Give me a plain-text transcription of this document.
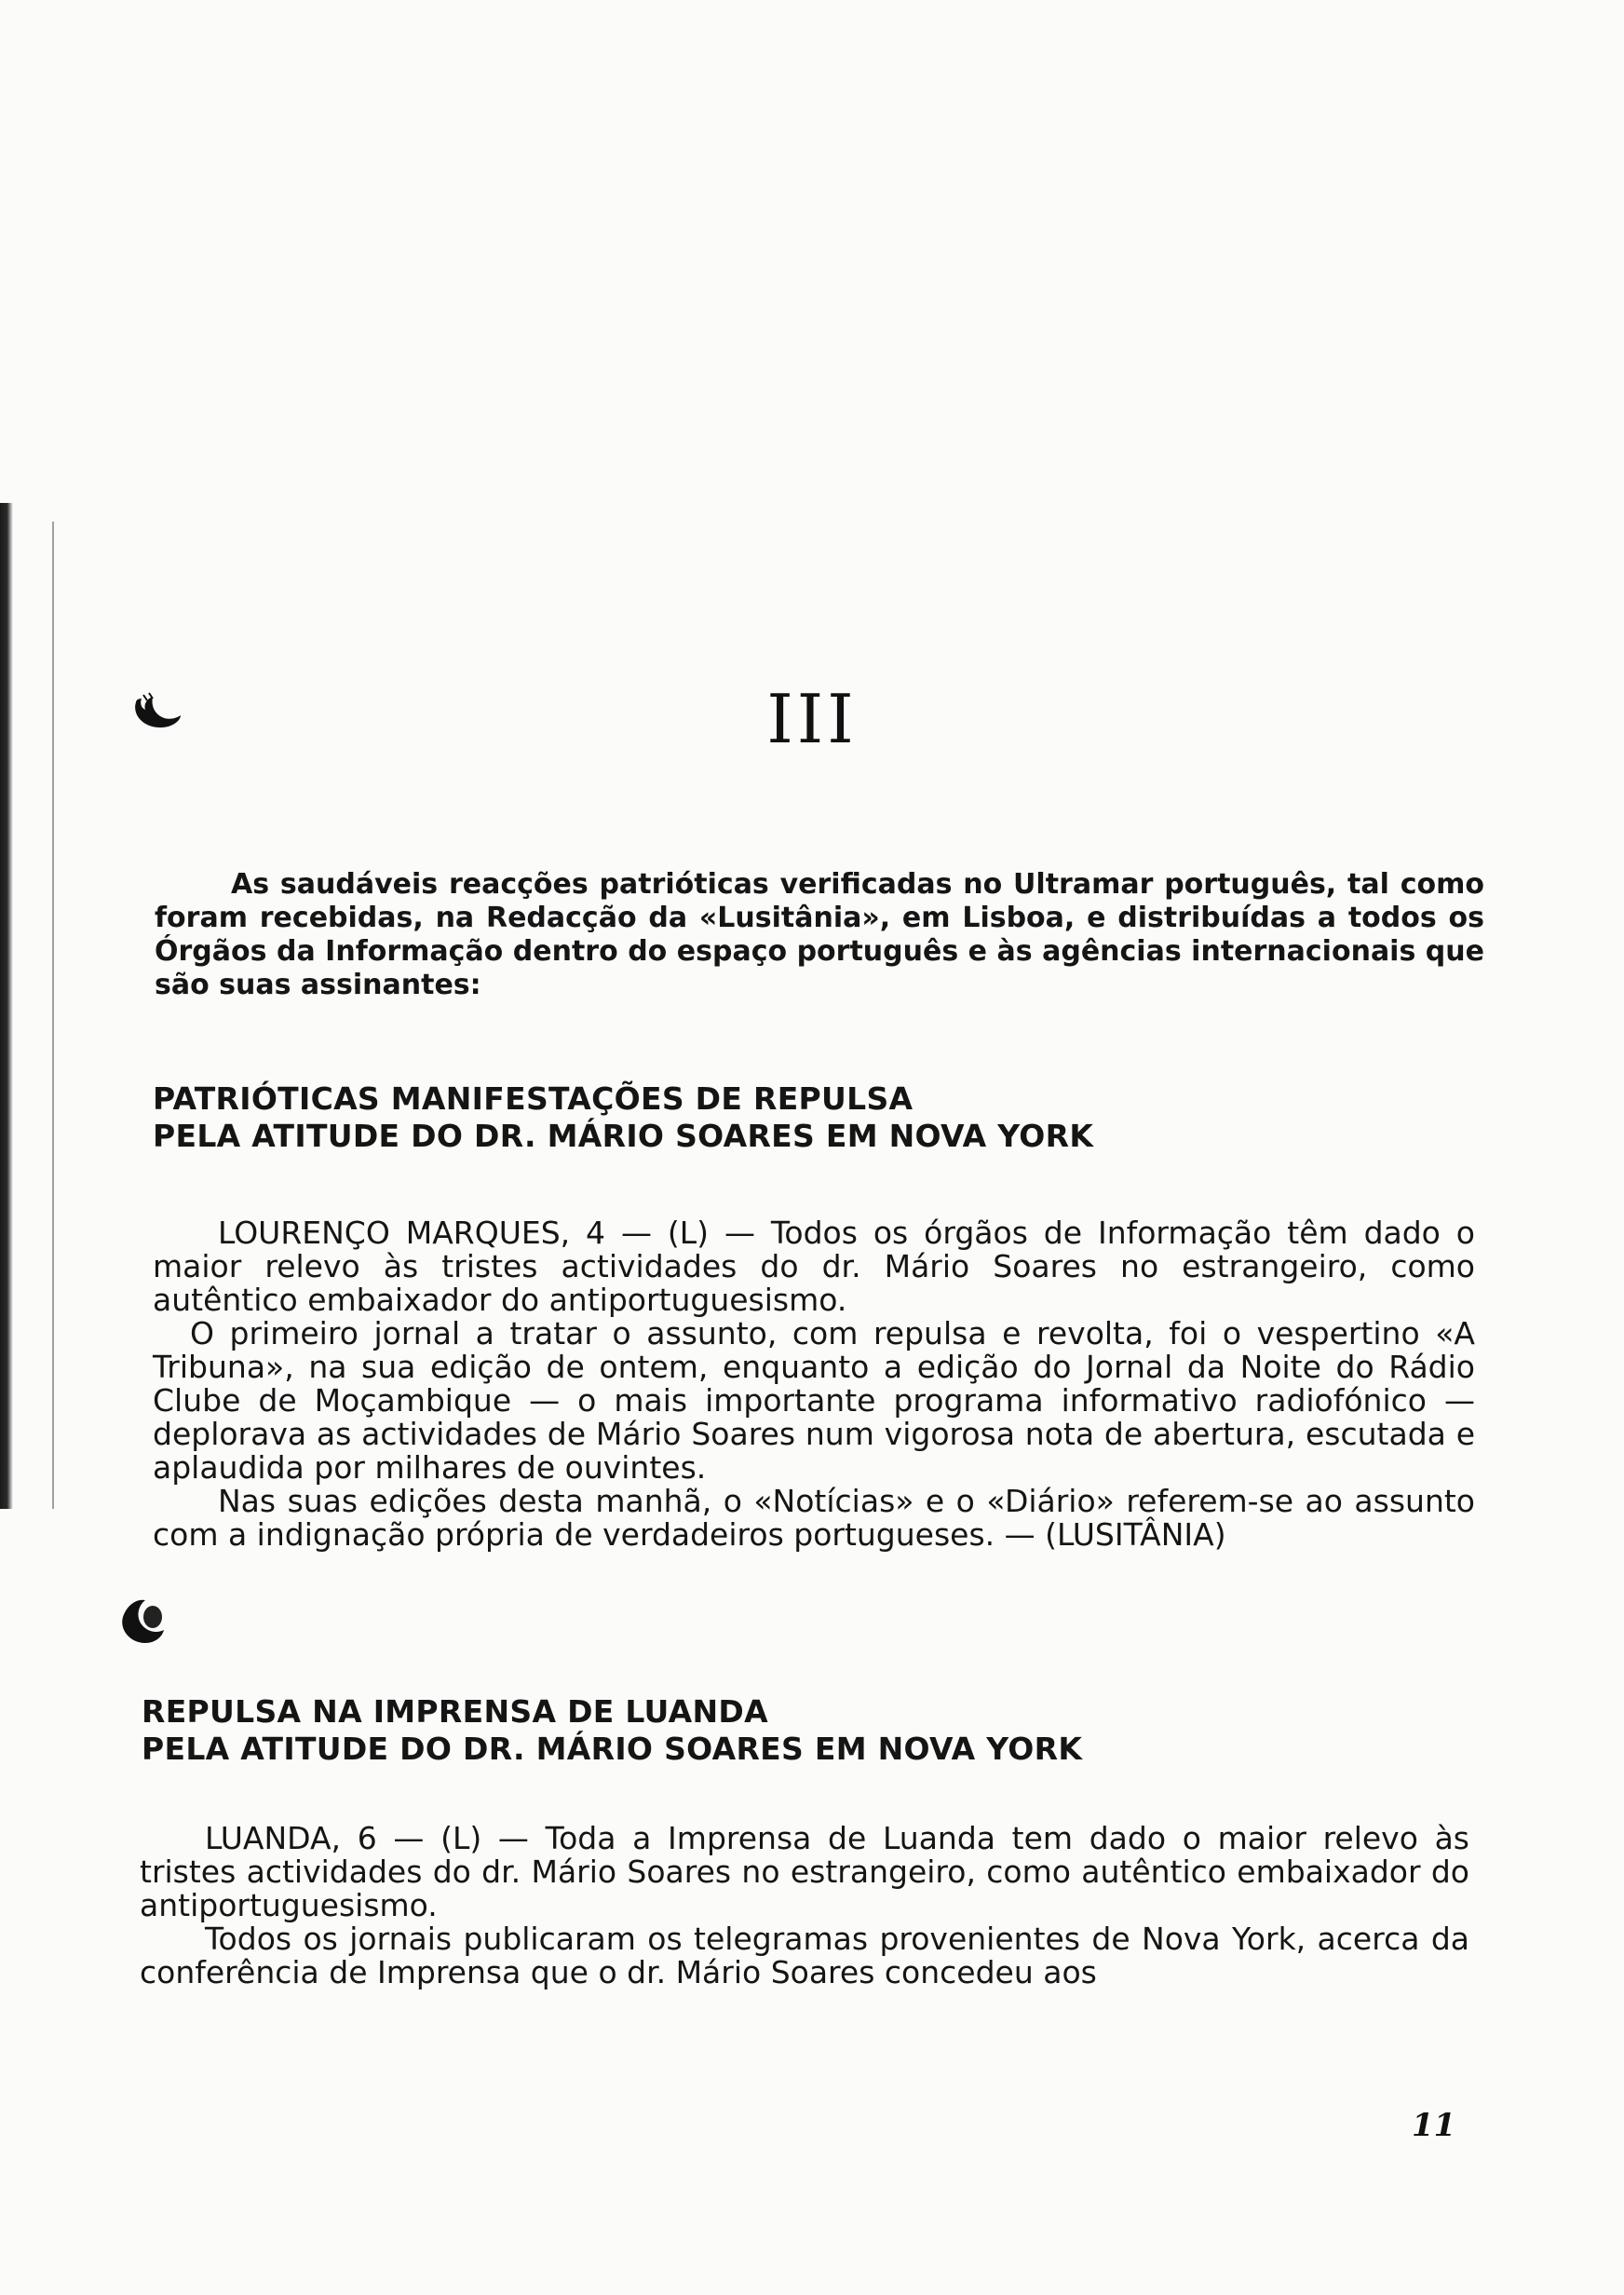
III
As saudáveis reacções patrióticas verificadas no Ultramar português, tal como foram recebidas, na Redacção da «Lusitânia», em Lisboa, e distribuídas a todos os Órgãos da Informação dentro do espaço português e às agências internacionais que são suas assinantes:
PATRIÓTICAS MANIFESTAÇÕES DE REPULSA
PELA ATITUDE DO DR. MÁRIO SOARES EM NOVA YORK

LOURENÇO MARQUES, 4 — (L) — Todos os órgãos de Informação têm dado o maior relevo às tristes actividades do dr. Mário Soares no estrangeiro, como autêntico embaixador do antiportuguesismo.

O primeiro jornal a tratar o assunto, com repulsa e revolta, foi o vespertino «A Tribuna», na sua edição de ontem, enquanto a edição do Jornal da Noite do Rádio Clube de Moçambique — o mais importante programa informativo radiofónico — deplorava as actividades de Mário Soares num vigorosa nota de abertura, escutada e aplaudida por milhares de ouvintes.

Nas suas edições desta manhã, o «Notícias» e o «Diário» referem-se ao assunto com a indignação própria de verdadeiros portugueses. — (LUSITÂNIA)

REPULSA NA IMPRENSA DE LUANDA
PELA ATITUDE DO DR. MÁRIO SOARES EM NOVA YORK

LUANDA, 6 — (L) — Toda a Imprensa de Luanda tem dado o maior relevo às tristes actividades do dr. Mário Soares no estrangeiro, como autêntico embaixador do antiportuguesismo.

Todos os jornais publicaram os telegramas provenientes de Nova York, acerca da conferência de Imprensa que o dr. Mário Soares concedeu aos

11
